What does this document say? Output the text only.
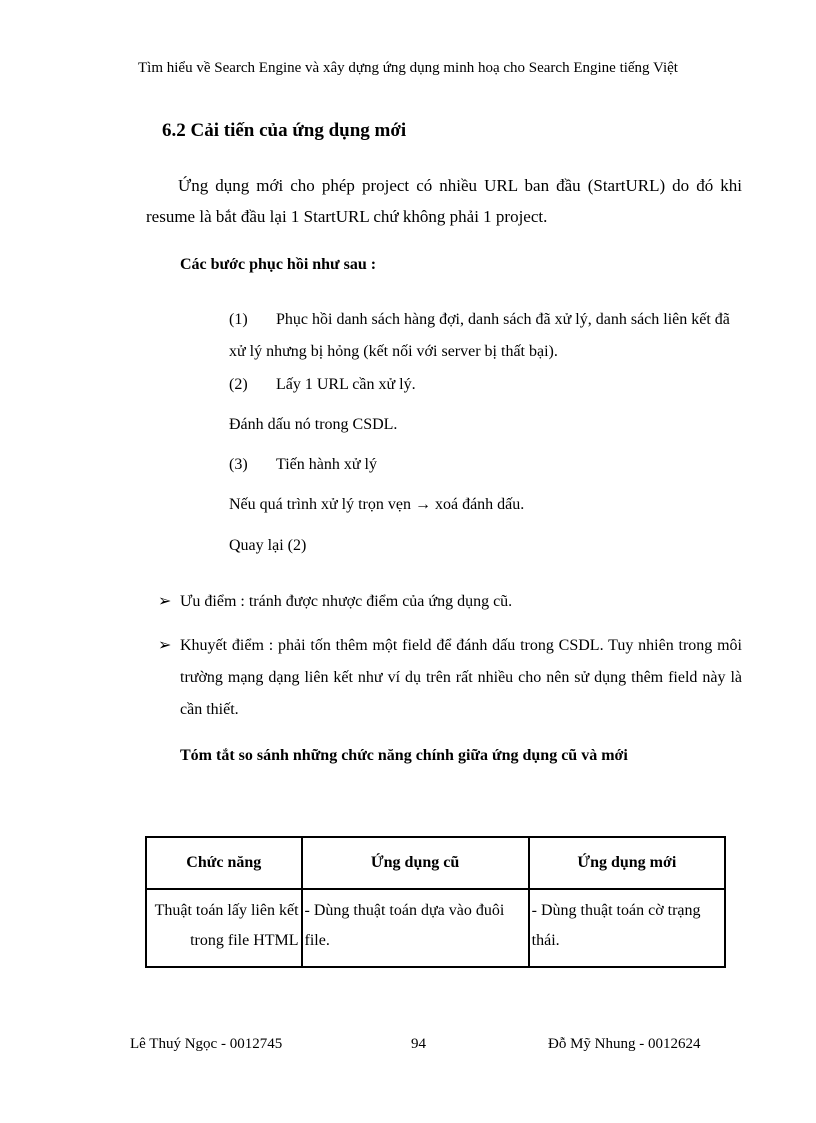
Tìm hiểu về Search Engine và xây dựng ứng dụng minh hoạ cho Search Engine tiếng Việt
6.2 Cải tiến của ứng dụng mới
Ứng dụng mới cho phép project có nhiều URL ban đầu (StartURL) do đó khi resume là bắt đầu lại 1 StartURL chứ không phải 1 project.
Các bước phục hồi như sau :
(1) Phục hồi danh sách hàng đợi, danh sách đã xử lý, danh sách liên kết đã xử lý nhưng bị hỏng (kết nối với server bị thất bại).
(2) Lấy 1 URL cần xử lý.
Đánh dấu nó trong CSDL.
(3) Tiến hành xử lý
Nếu quá trình xử lý trọn vẹn → xoá đánh dấu.
Quay lại (2)
➢ Ưu điểm : tránh được nhược điểm của ứng dụng cũ.
➢ Khuyết điểm : phải tốn thêm một field để đánh dấu trong CSDL. Tuy nhiên trong môi trường mạng dạng liên kết như ví dụ trên rất nhiều cho nên sử dụng thêm field này là cần thiết.
Tóm tắt so sánh những chức năng chính giữa ứng dụng cũ và mới
Chức năng	Ứng dụng cũ	Ứng dụng mới
Thuật toán lấy liên kết trong file HTML	- Dùng thuật toán dựa vào đuôi file.	- Dùng thuật toán cờ trạng thái.
Lê Thuý Ngọc - 0012745	94	Đỗ Mỹ Nhung - 0012624
